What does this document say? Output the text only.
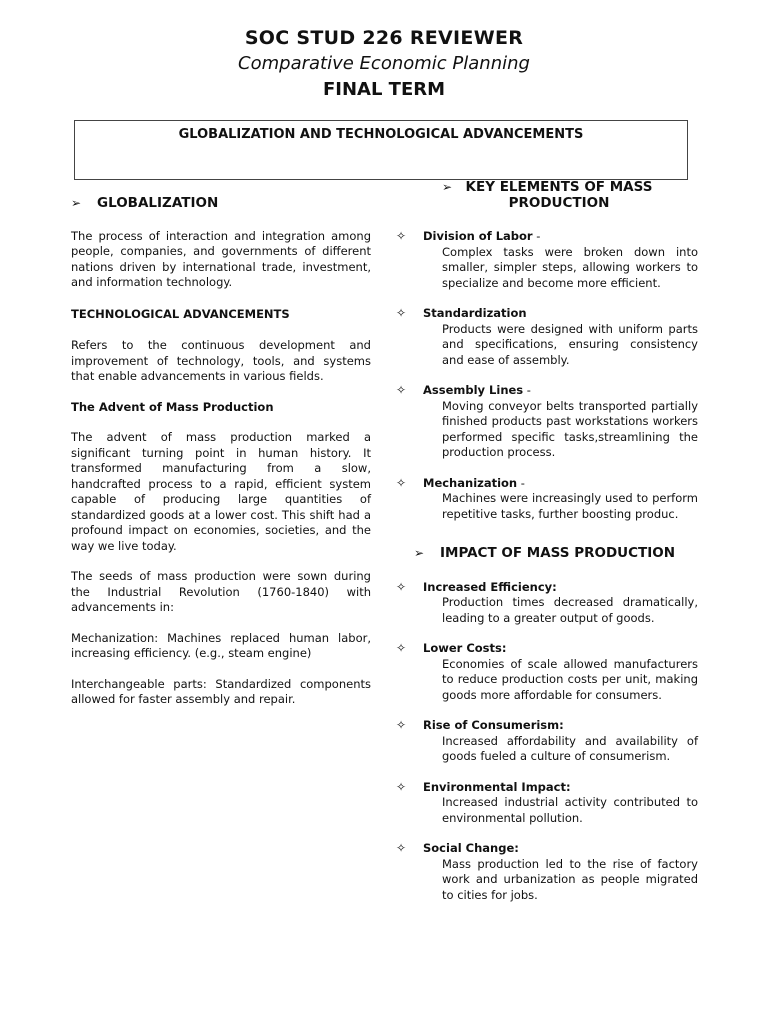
SOC STUD 226 REVIEWER
Comparative Economic Planning
FINAL TERM
GLOBALIZATION AND TECHNOLOGICAL ADVANCEMENTS
➢	GLOBALIZATION

The process of interaction and integration among people, companies, and governments of different nations driven by international trade, investment, and information technology.

TECHNOLOGICAL ADVANCEMENTS

Refers to the continuous development and improvement of technology, tools, and systems that enable advancements in various fields.

The Advent of Mass Production

The advent of mass production marked a significant turning point in human history. It transformed manufacturing from a slow, handcrafted process to a rapid, efficient system capable of producing large quantities of standardized goods at a lower cost. This shift had a profound impact on economies, societies, and the way we live today.

The seeds of mass production were sown during the Industrial Revolution (1760-1840) with advancements in:

Mechanization: Machines replaced human labor, increasing efficiency. (e.g., steam engine)

Interchangeable parts: Standardized components allowed for faster assembly and repair.

➢ KEY ELEMENTS OF MASS PRODUCTION
✧ Division of Labor -
Complex tasks were broken down into smaller, simpler steps, allowing workers to specialize and become more efficient.
✧ Standardization
Products were designed with uniform parts and specifications, ensuring consistency and ease of assembly.
✧ Assembly Lines -
Moving conveyor belts transported partially finished products past workstations workers performed specific tasks,streamlining the production process.
✧ Mechanization -
Machines were increasingly used to perform repetitive tasks, further boosting produc.
➢	IMPACT OF MASS PRODUCTION
✧ Increased Efficiency:
Production times decreased dramatically, leading to a greater output of goods.
✧ Lower Costs:
Economies of scale allowed manufacturers to reduce production costs per unit, making goods more affordable for consumers.
✧ Rise of Consumerism:
Increased affordability and availability of goods fueled a culture of consumerism.
✧ Environmental Impact:
Increased industrial activity contributed to environmental pollution.
✧ Social Change:
Mass production led to the rise of factory work and urbanization as people migrated to cities for jobs.
